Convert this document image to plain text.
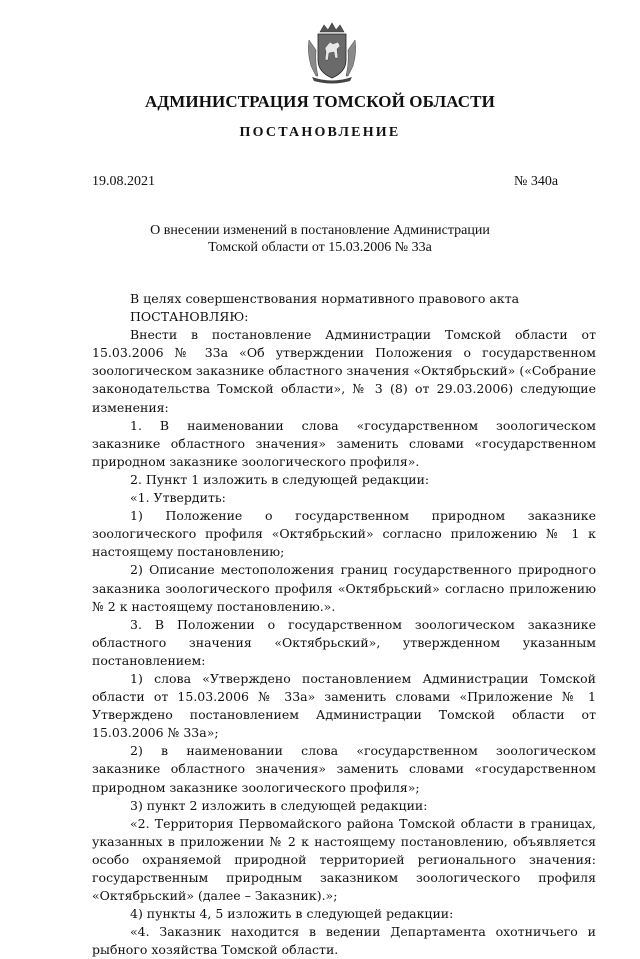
АДМИНИСТРАЦИЯ ТОМСКОЙ ОБЛАСТИ
ПОСТАНОВЛЕНИЕ
19.08.2021	№ 340а
О внесении изменений в постановление Администрации
Томской области от 15.03.2006 № 33а

В целях совершенствования нормативного правового акта

ПОСТАНОВЛЯЮ:

Внести в постановление Администрации Томской области от 15.03.2006 № 33а «Об утверждении Положения о государственном зоологическом заказнике областного значения «Октябрьский» («Собрание законодательства Томской области», № 3 (8) от 29.03.2006) следующие изменения:

1. В наименовании слова «государственном зоологическом заказнике областного значения» заменить словами «государственном природном заказнике зоологического профиля».

2. Пункт 1 изложить в следующей редакции:

«1. Утвердить:

1) Положение о государственном природном заказнике зоологического профиля «Октябрьский» согласно приложению № 1 к настоящему постановлению;

2) Описание местоположения границ государственного природного заказника зоологического профиля «Октябрьский» согласно приложению № 2 к настоящему постановлению.».

3. В Положении о государственном зоологическом заказнике областного значения «Октябрьский», утвержденном указанным постановлением:

1) слова «Утверждено постановлением Администрации Томской области от 15.03.2006 № 33а» заменить словами «Приложение № 1 Утверждено постановлением Администрации Томской области от 15.03.2006 № 33а»;

2) в наименовании слова «государственном зоологическом заказнике областного значения» заменить словами «государственном природном заказнике зоологического профиля»;

3) пункт 2 изложить в следующей редакции:

«2. Территория Первомайского района Томской области в границах, указанных в приложении № 2 к настоящему постановлению, объявляется особо охраняемой природной территорией регионального значения: государственным природным заказником зоологического профиля «Октябрьский» (далее – Заказник).»;

4) пункты 4, 5 изложить в следующей редакции:

«4. Заказник находится в ведении Департамента охотничьего и рыбного хозяйства Томской области.
